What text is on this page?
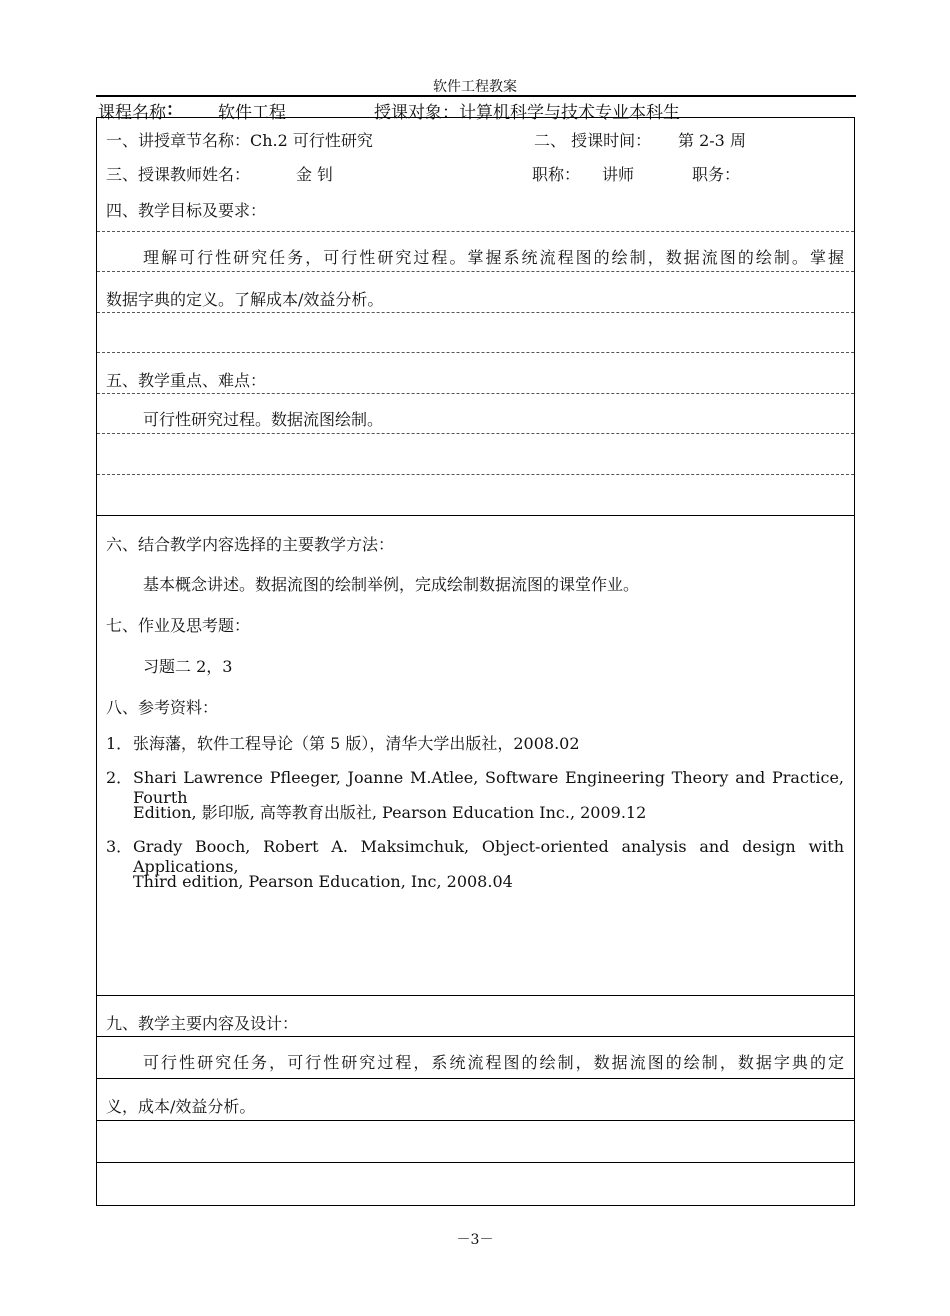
软件工程教案
课程名称 ： 软件工程	授课对象：计算机科学与技术专业本科生
一、讲授章节名称：Ch.2 可行性研究	二、 授课时间： 第 2-3 周
三、授课教师姓名：	金 钊	职称： 讲师	职务：
四、教学目标及要求：
理解可行性研究任务，可行性研究过程。掌握系统流程图的绘制，数据流图的绘制。掌握
数据字典的定义。了解成本/效益分析。
五、教学重点、难点：
可行性研究过程。数据流图绘制。
六、结合教学内容选择的主要教学方法：
基本概念讲述。数据流图的绘制举例，完成绘制数据流图的课堂作业。
七、作业及思考题：
习题二 2，3
八、参考资料：
1． 张海藩，软件工程导论（第 5 版），清华大学出版社，2008.02
2． Shari Lawrence Pfleeger, Joanne M.Atlee, Software Engineering Theory and Practice, Fourth
Edition, 影印版, 高等教育出版社, Pearson Education Inc., 2009.12
3． Grady Booch, Robert A. Maksimchuk, Object-oriented analysis and design with Applications,
Third edition, Pearson Education, Inc, 2008.04
九、教学主要内容及设计：
可行性研究任务，可行性研究过程，系统流程图的绘制，数据流图的绘制，数据字典的定
义，成本/效益分析。
－3－
